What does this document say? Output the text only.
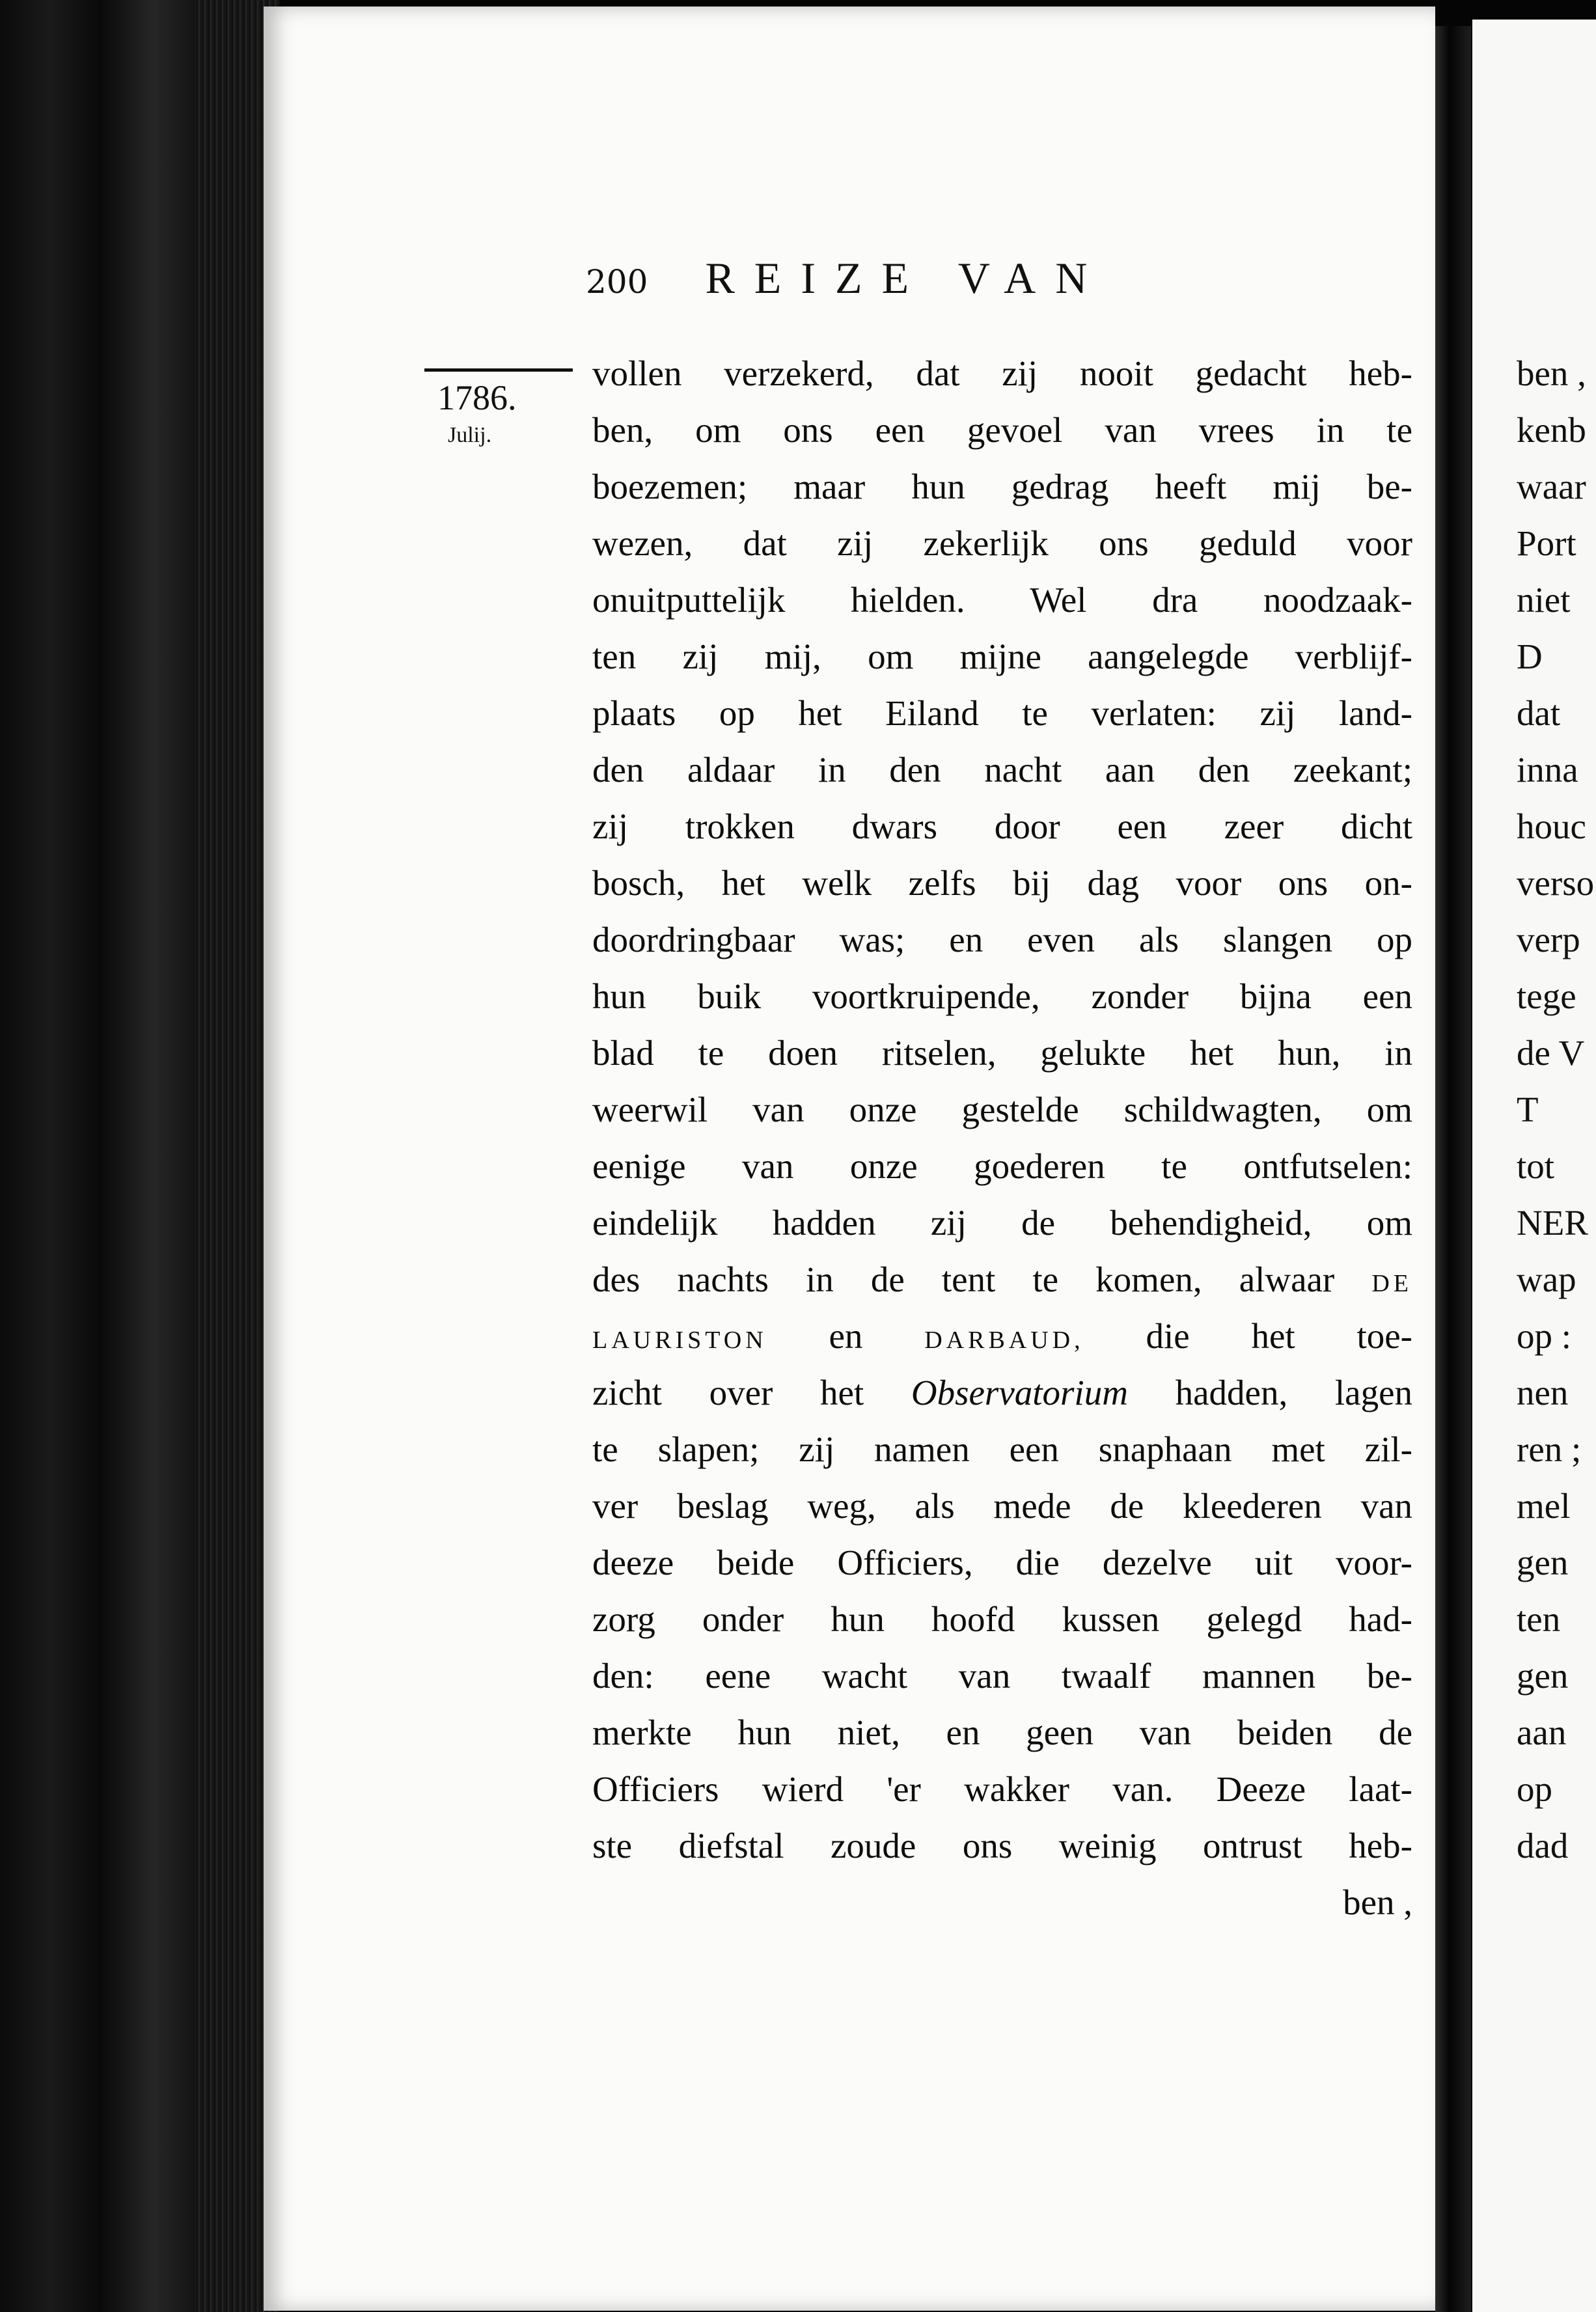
200 REIZE VAN
1786.
Julij.
vollen verzekerd, dat zij nooit gedacht heb-
ben, om ons een gevoel van vrees in te
boezemen; maar hun gedrag heeft mij be-
wezen, dat zij zekerlijk ons geduld voor
onuitputtelijk hielden. Wel dra noodzaak-
ten zij mij, om mijne aangelegde verblijf-
plaats op het Eiland te verlaten: zij land-
den aldaar in den nacht aan den zeekant;
zij trokken dwars door een zeer dicht
bosch, het welk zelfs bij dag voor ons on-
doordringbaar was; en even als slangen op
hun buik voortkruipende, zonder bijna een
blad te doen ritselen, gelukte het hun, in
weerwil van onze gestelde schildwagten, om
eenige van onze goederen te ontfutselen:
eindelijk hadden zij de behendigheid, om
des nachts in de tent te komen, alwaar DE
LAURISTON en DARBAUD, die het toe-
zicht over het Observatorium hadden, lagen
te slapen; zij namen een snaphaan met zil-
ver beslag weg, als mede de kleederen van
deeze beide Officiers, die dezelve uit voor-
zorg onder hun hoofd kussen gelegd had-
den: eene wacht van twaalf mannen be-
merkte hun niet, en geen van beiden de
Officiers wierd 'er wakker van. Deeze laat-
ste diefstal zoude ons weinig ontrust heb-
ben ,
ben ,
kenb
waar
Port
niet
D
dat
inna
houc
verso
verp
tege
de V
T
tot
NER
wap
op :
nen
ren ;
mel
gen
ten
gen
aan
op
dad
